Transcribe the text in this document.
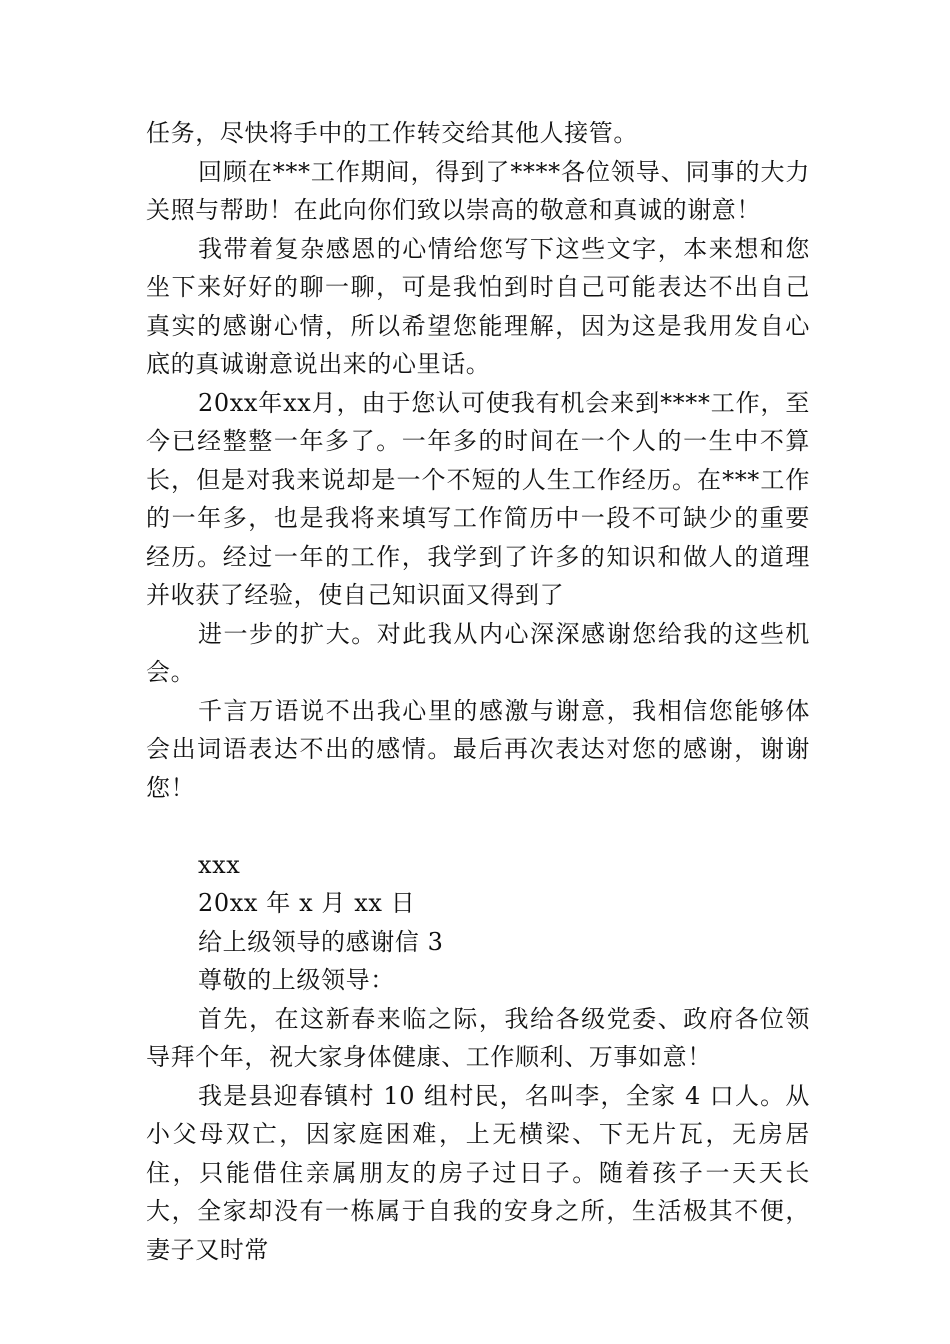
任务，尽快将手中的工作转交给其他人接管。

回顾在***工作期间，得到了****各位领导、同事的大力关照与帮助！在此向你们致以崇高的敬意和真诚的谢意！

我带着复杂感恩的心情给您写下这些文字，本来想和您坐下来好好的聊一聊，可是我怕到时自己可能表达不出自己真实的感谢心情，所以希望您能理解，因为这是我用发自心底的真诚谢意说出来的心里话。

20xx年xx月，由于您认可使我有机会来到****工作，至今已经整整一年多了。一年多的时间在一个人的一生中不算长，但是对我来说却是一个不短的人生工作经历。在***工作的一年多，也是我将来填写工作简历中一段不可缺少的重要经历。经过一年的工作，我学到了许多的知识和做人的道理并收获了经验，使自己知识面又得到了

进一步的扩大。对此我从内心深深感谢您给我的这些机会。

千言万语说不出我心里的感激与谢意，我相信您能够体会出词语表达不出的感情。最后再次表达对您的感谢，谢谢您！

xxx

20xx 年 x 月 xx 日

给上级领导的感谢信 3

尊敬的上级领导：

首先，在这新春来临之际，我给各级党委、政府各位领导拜个年，祝大家身体健康、工作顺利、万事如意！

我是县迎春镇村 10 组村民，名叫李，全家 4 口人。从小父母双亡，因家庭困难，上无横梁、下无片瓦，无房居住，只能借住亲属朋友的房子过日子。随着孩子一天天长大，全家却没有一栋属于自我的安身之所，生活极其不便，妻子又时常
